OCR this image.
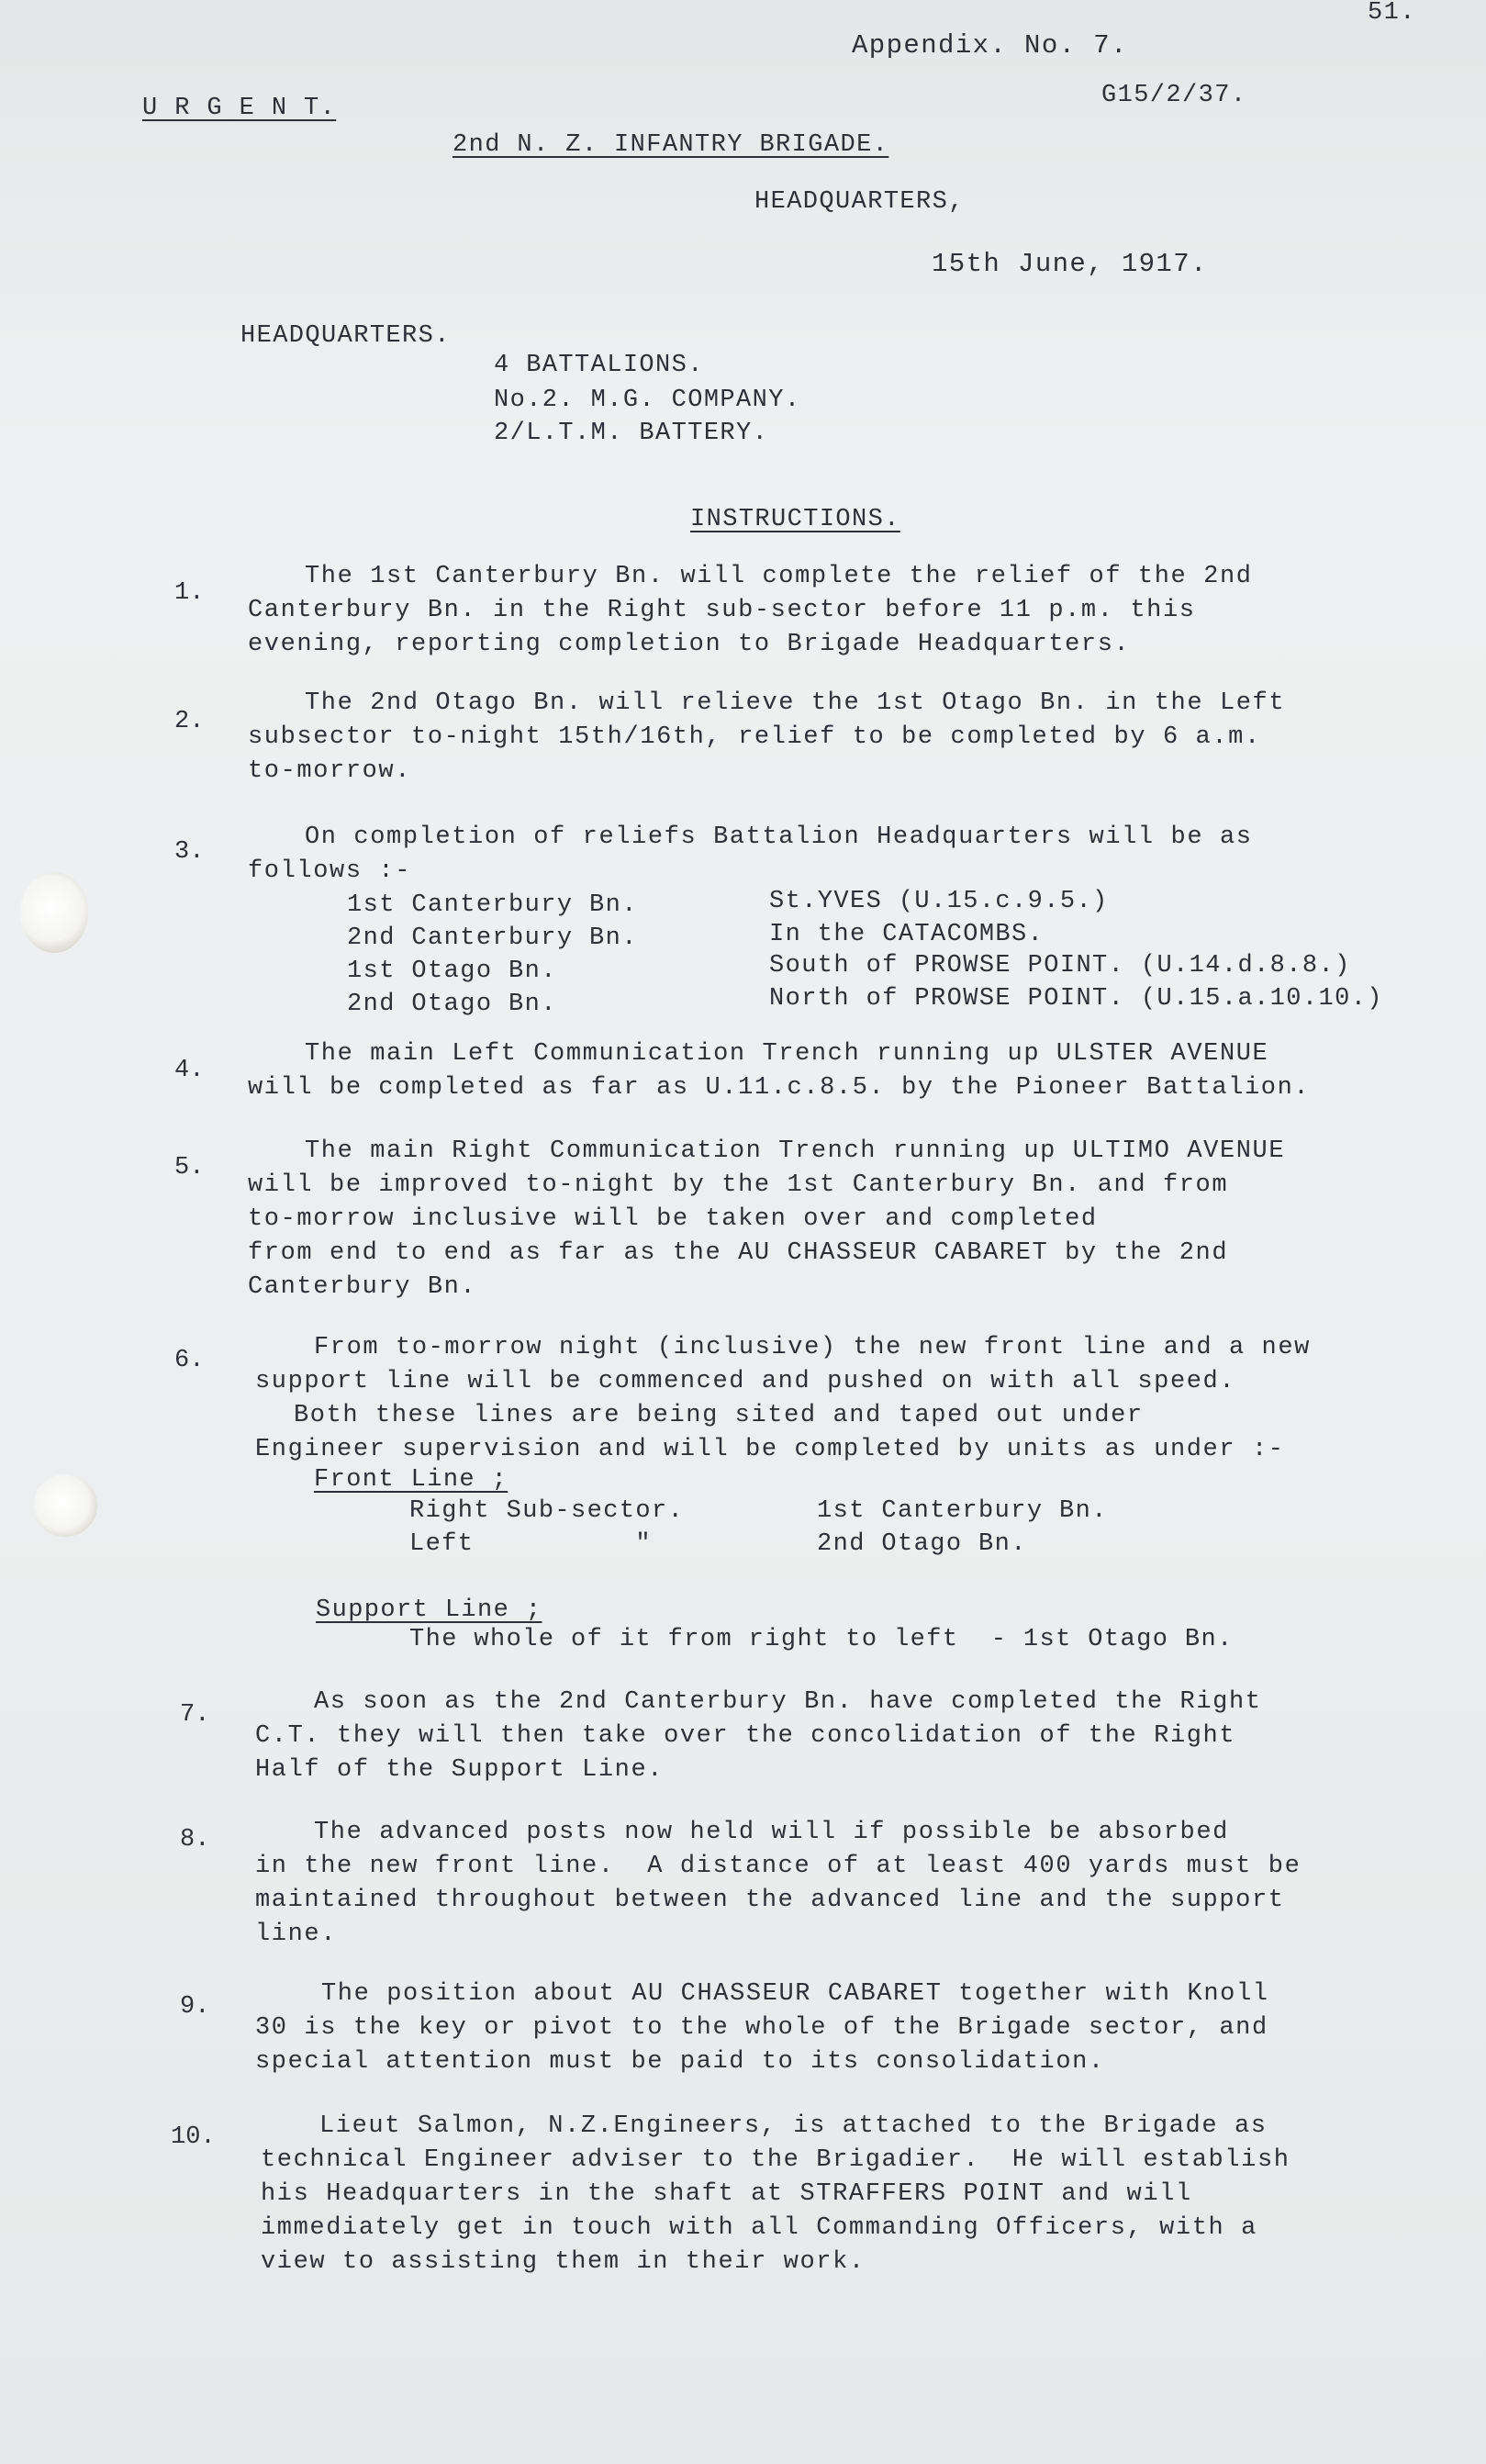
51.
Appendix. No. 7.
G15/2/37.
U R G E N T.
2nd N. Z. INFANTRY BRIGADE.
HEADQUARTERS,
15th June, 1917.
HEADQUARTERS.
4 BATTALIONS.
No.2. M.G. COMPANY.
2/L.T.M. BATTERY.
INSTRUCTIONS.
1.

The 1st Canterbury Bn. will complete the relief of the 2nd

Canterbury Bn. in the Right sub-sector before 11 p.m. this

evening, reporting completion to Brigade Headquarters.

2.

The 2nd Otago Bn. will relieve the 1st Otago Bn. in the Left

subsector to-night 15th/16th, relief to be completed by 6 a.m.

to-morrow.

3.

On completion of reliefs Battalion Headquarters will be as

follows :-

1st Canterbury Bn.	St.YVES (U.15.c.9.5.)
2nd Canterbury Bn.	In the CATACOMBS.
1st Otago Bn.	South of PROWSE POINT. (U.14.d.8.8.)
2nd Otago Bn.	North of PROWSE POINT. (U.15.a.10.10.)
4.

The main Left Communication Trench running up ULSTER AVENUE

will be completed as far as U.11.c.8.5. by the Pioneer Battalion.

5.

The main Right Communication Trench running up ULTIMO AVENUE

will be improved to-night by the 1st Canterbury Bn. and from

to-morrow inclusive will be taken over and completed

from end to end as far as the AU CHASSEUR CABARET by the 2nd

Canterbury Bn.

6.	From to-morrow night (inclusive) the new front line and a new

support line will be commenced and pushed on with all speed.

Both these lines are being sited and taped out under

Engineer supervision and will be completed by units as under :-

Front Line ;
Right Sub-sector.	1st Canterbury Bn.
Left          "	2nd Otago Bn.
Support Line ;
The whole of it from right to left  - 1st Otago Bn.
7.	As soon as the 2nd Canterbury Bn. have completed the Right

C.T. they will then take over the concolidation of the Right

Half of the Support Line.

8.	The advanced posts now held will if possible be absorbed

in the new front line.  A distance of at least 400 yards must be

maintained throughout between the advanced line and the support

line.

9.	The position about AU CHASSEUR CABARET together with Knoll

30 is the key or pivot to the whole of the Brigade sector, and

special attention must be paid to its consolidation.

10.	Lieut Salmon, N.Z.Engineers, is attached to the Brigade as

technical Engineer adviser to the Brigadier.  He will establish

his Headquarters in the shaft at STRAFFERS POINT and will

immediately get in touch with all Commanding Officers, with a

view to assisting them in their work.
